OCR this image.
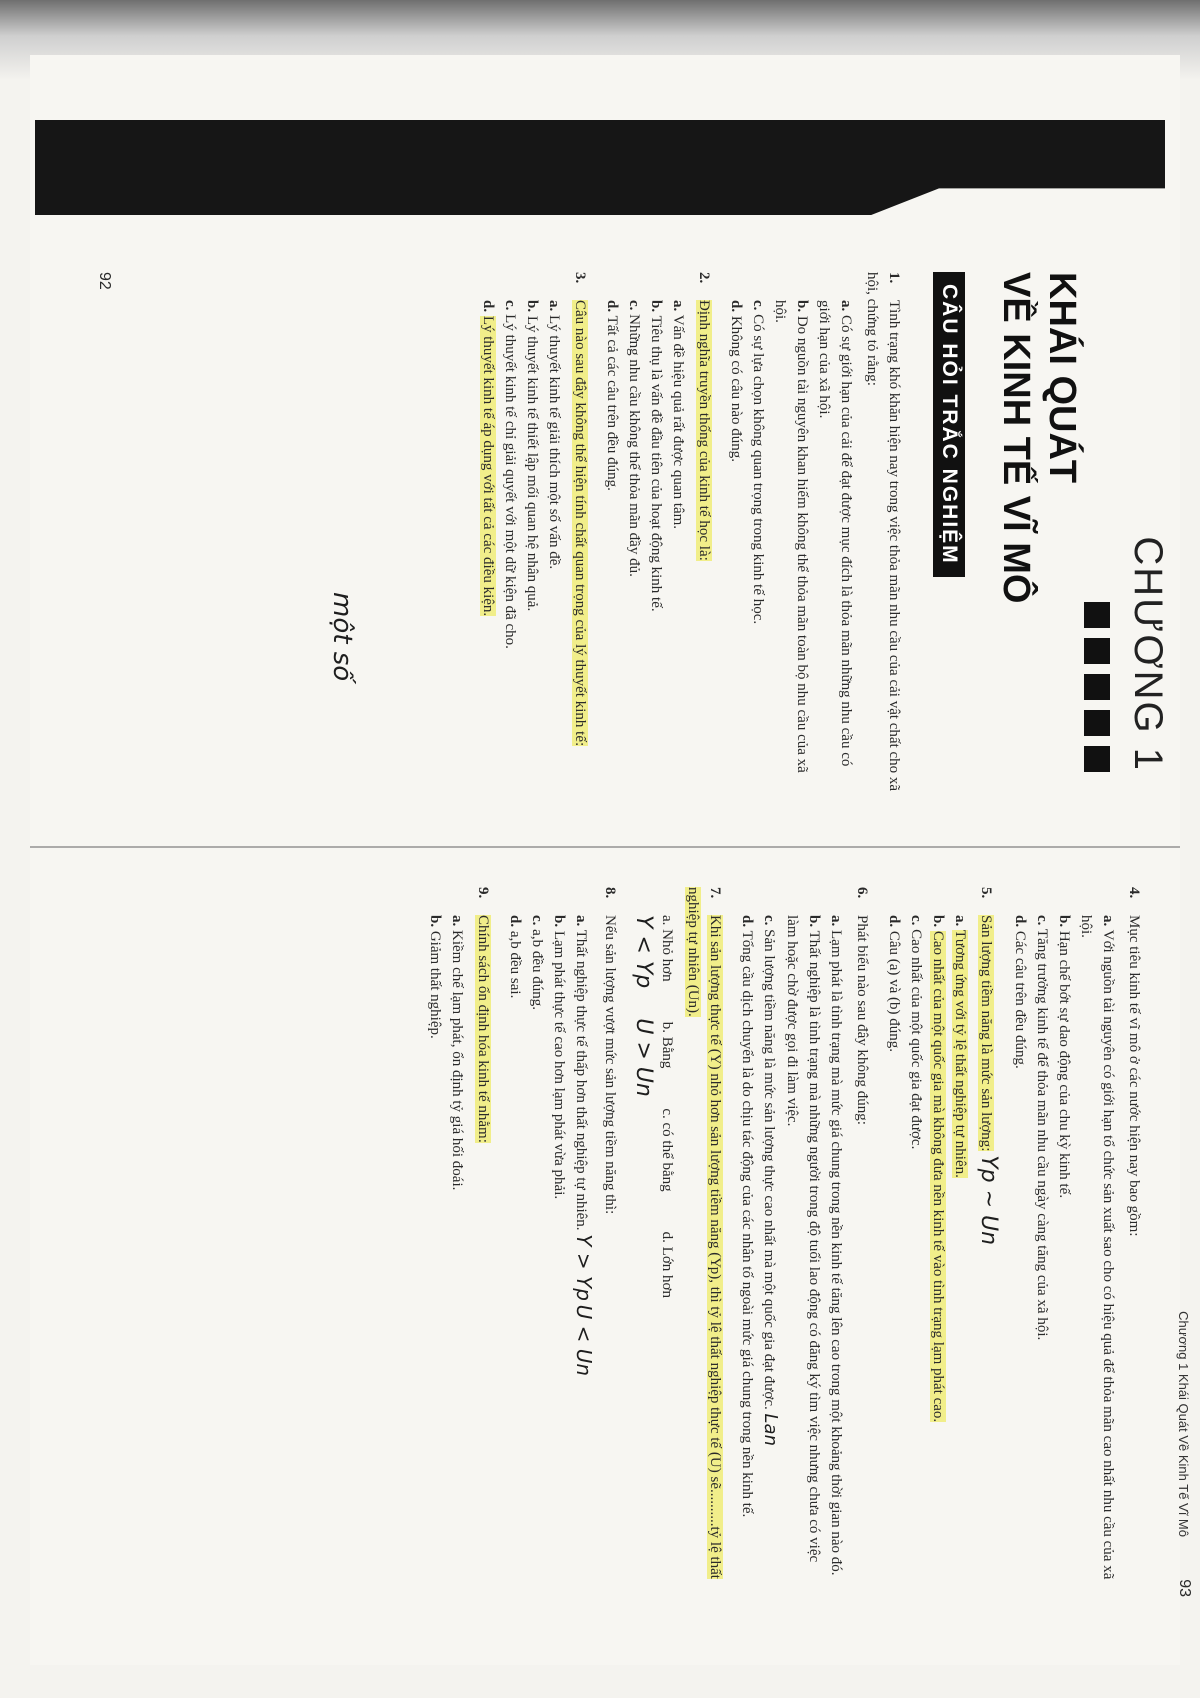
CHƯƠNG 1
KHÁI QUÁT
VỀ KINH TẾ VĨ MÔ
CÂU HỎI TRẮC NGHIỆM

1.Tình trạng khó khăn hiện nay trong việc thỏa mãn nhu cầu của cải vật chất cho xã hội, chứng tỏ rằng:

a. Có sự giới hạn của cải để đạt được mục đích là thỏa mãn những nhu cầu có giới hạn của xã hội.

b. Do nguồn tài nguyên khan hiếm không thể thỏa mãn toàn bộ nhu cầu của xã hội.

c. Có sự lựa chọn không quan trọng trong kinh tế học.

d. Không có câu nào đúng.

2.Định nghĩa truyền thống của kinh tế học là:

a. Vấn đề hiệu quả rất được quan tâm.

b. Tiêu thụ là vấn đề đầu tiên của hoạt động kinh tế.

c. Những nhu cầu không thể thỏa mãn đầy đủ.

d. Tất cả các câu trên đều đúng.

3.Câu nào sau đây không thể hiện tính chất quan trọng của lý thuyết kinh tế:

a. Lý thuyết kinh tế giải thích một số vấn đề.

b. Lý thuyết kinh tế thiết lập mối quan hệ nhân quả.

c. Lý thuyết kinh tế chỉ giải quyết với một dữ kiện đã cho.

d. Lý thuyết kinh tế áp dụng với tất cả các điều kiện.

một số
92
Chương 1 Khái Quát Về Kinh Tế Vĩ Mô
93

4.Mục tiêu kinh tế vĩ mô ở các nước hiện nay bao gồm:

a. Với nguồn tài nguyên có giới hạn tổ chức sản xuất sao cho có hiệu quả để thỏa mãn cao nhất nhu cầu của xã hội.

b. Hạn chế bớt sự dao động của chu kỳ kinh tế.

c. Tăng trưởng kinh tế để thỏa mãn nhu cầu ngày càng tăng của xã hội.

d. Các câu trên đều đúng.

5.Sản lượng tiềm năng là mức sản lượng: Yp ~ Un

a. Tương ứng với tỷ lệ thất nghiệp tự nhiên.

b. Cao nhất của một quốc gia mà không đưa nền kinh tế vào tình trạng lạm phát cao.

c. Cao nhất của một quốc gia đạt được.

d. Câu (a) và (b) đúng.

6.Phát biểu nào sau đây không đúng:

a. Lạm phát là tình trạng mà mức giá chung trong nền kinh tế tăng lên cao trong một khoảng thời gian nào đó.

b. Thất nghiệp là tình trạng mà những người trong độ tuổi lao động có đăng ký tìm việc nhưng chưa có việc làm hoặc chờ được gọi đi làm việc.

c. Sản lượng tiềm năng là mức sản lượng thực cao nhất mà một quốc gia đạt được. Lan

d. Tổng cầu dịch chuyển là do chịu tác động của các nhân tố ngoài mức giá chung trong nền kinh tế.

7.Khi sản lượng thực tế (Y) nhỏ hơn sản lượng tiềm năng (Yp), thì tỷ lệ thất nghiệp thực tế (U) sẽ..........tỷ lệ thất nghiệp tự nhiên (Un).

a. Nhỏ hơn
b. Bằng
c. có thể bằng
d. Lớn hơn
Y < Yp
U > Un

8.Nếu sản lượng vượt mức sản lượng tiềm năng thì:

a. Thất nghiệp thực tế thấp hơn thất nghiệp tự nhiên. Y > Yp U < Un

b. Lạm phát thực tế cao hơn lạm phát vừa phải.

c. a,b đều đúng.

d. a,b đều sai.

9.Chính sách ổn định hóa kinh tế nhằm:

a. Kiềm chế lạm phát, ổn định tỷ giá hối đoái.

b. Giảm thất nghiệp.
